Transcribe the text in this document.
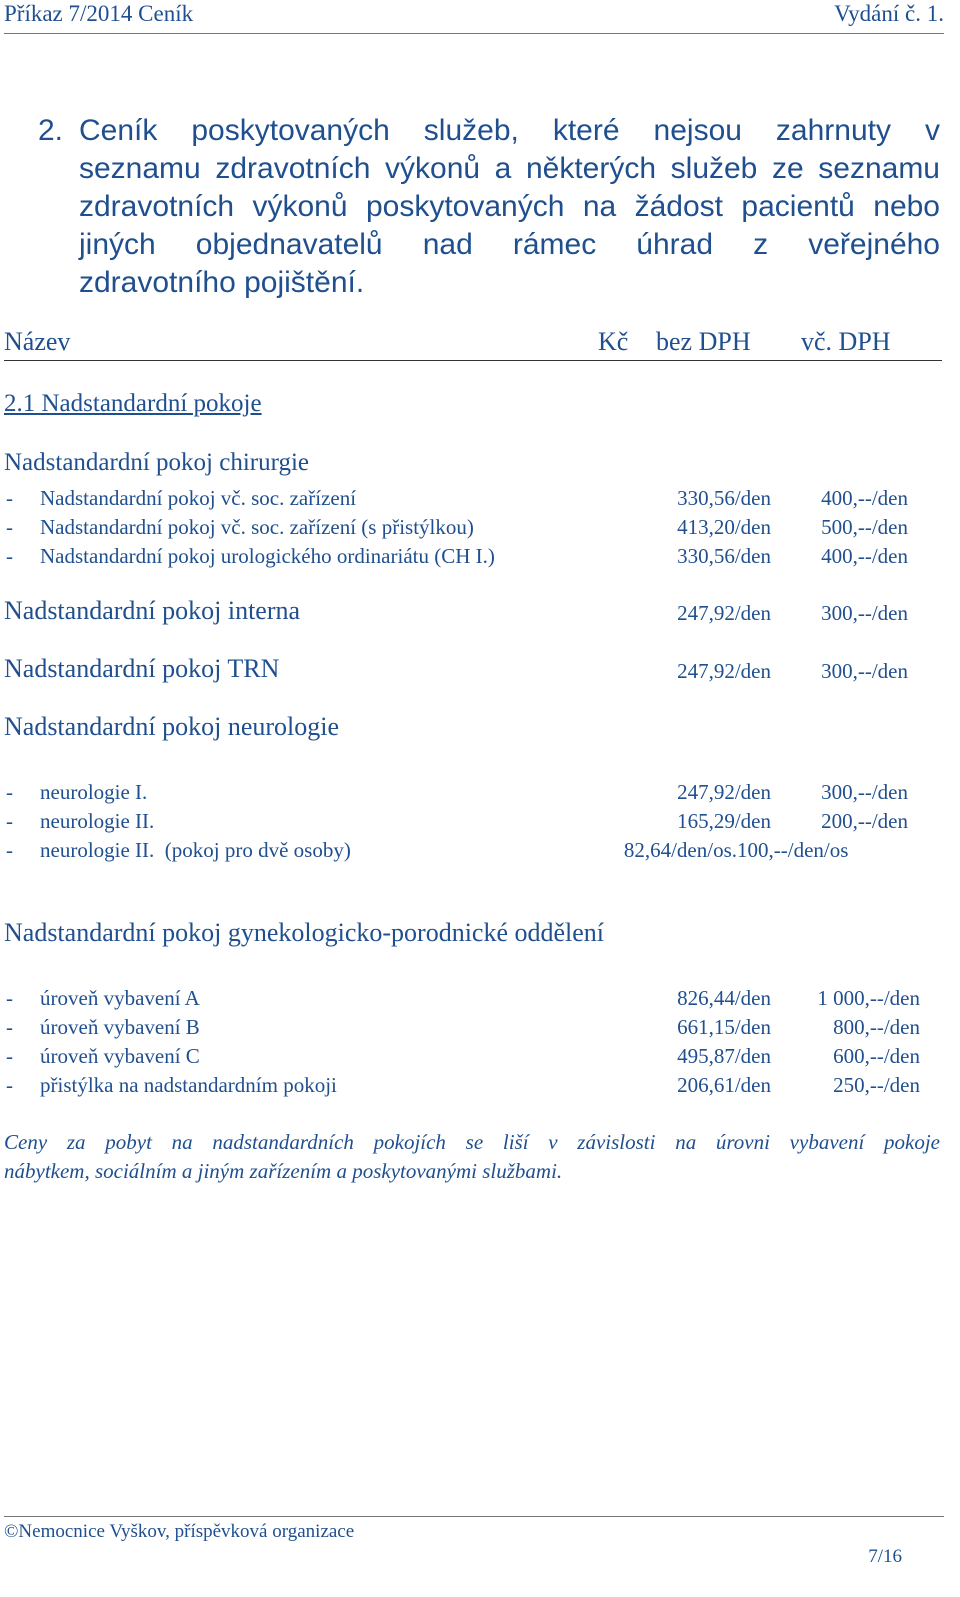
Příkaz 7/2014 Ceník	Vydání č. 1.
2. Ceník poskytovaných služeb, které nejsou zahrnuty v
seznamu zdravotních výkonů a některých služeb ze seznamu
zdravotních výkonů poskytovaných na žádost pacientů nebo
jiných objednavatelů nad rámec úhrad z veřejného
zdravotního pojištění.
Název	Kč bez DPH vč. DPH
2.1 Nadstandardní pokoje
Nadstandardní pokoj chirurgie
- Nadstandardní pokoj vč. soc. zařízení	330,56/den 400,--/den
- Nadstandardní pokoj vč. soc. zařízení (s přistýlkou)	413,20/den 500,--/den
- Nadstandardní pokoj urologického ordinariátu (CH I.)	330,56/den 400,--/den
Nadstandardní pokoj interna	247,92/den 300,--/den
Nadstandardní pokoj TRN	247,92/den 300,--/den
Nadstandardní pokoj neurologie
- neurologie I.	247,92/den 300,--/den
- neurologie II.	165,29/den 200,--/den
- neurologie II.  (pokoj pro dvě osoby)	82,64/den/os. 100,--/den/os
Nadstandardní pokoj gynekologicko-porodnické oddělení
- úroveň vybavení A	826,44/den 1 000,--/den
- úroveň vybavení B	661,15/den	800,--/den
- úroveň vybavení C	495,87/den	600,--/den
- přistýlka na nadstandardním pokoji	206,61/den	250,--/den
Ceny za pobyt na nadstandardních pokojích se liší v závislosti na úrovni vybavení pokoje
nábytkem, sociálním a jiným zařízením a poskytovanými službami.
©Nemocnice Vyškov, příspěvková organizace
7/16
